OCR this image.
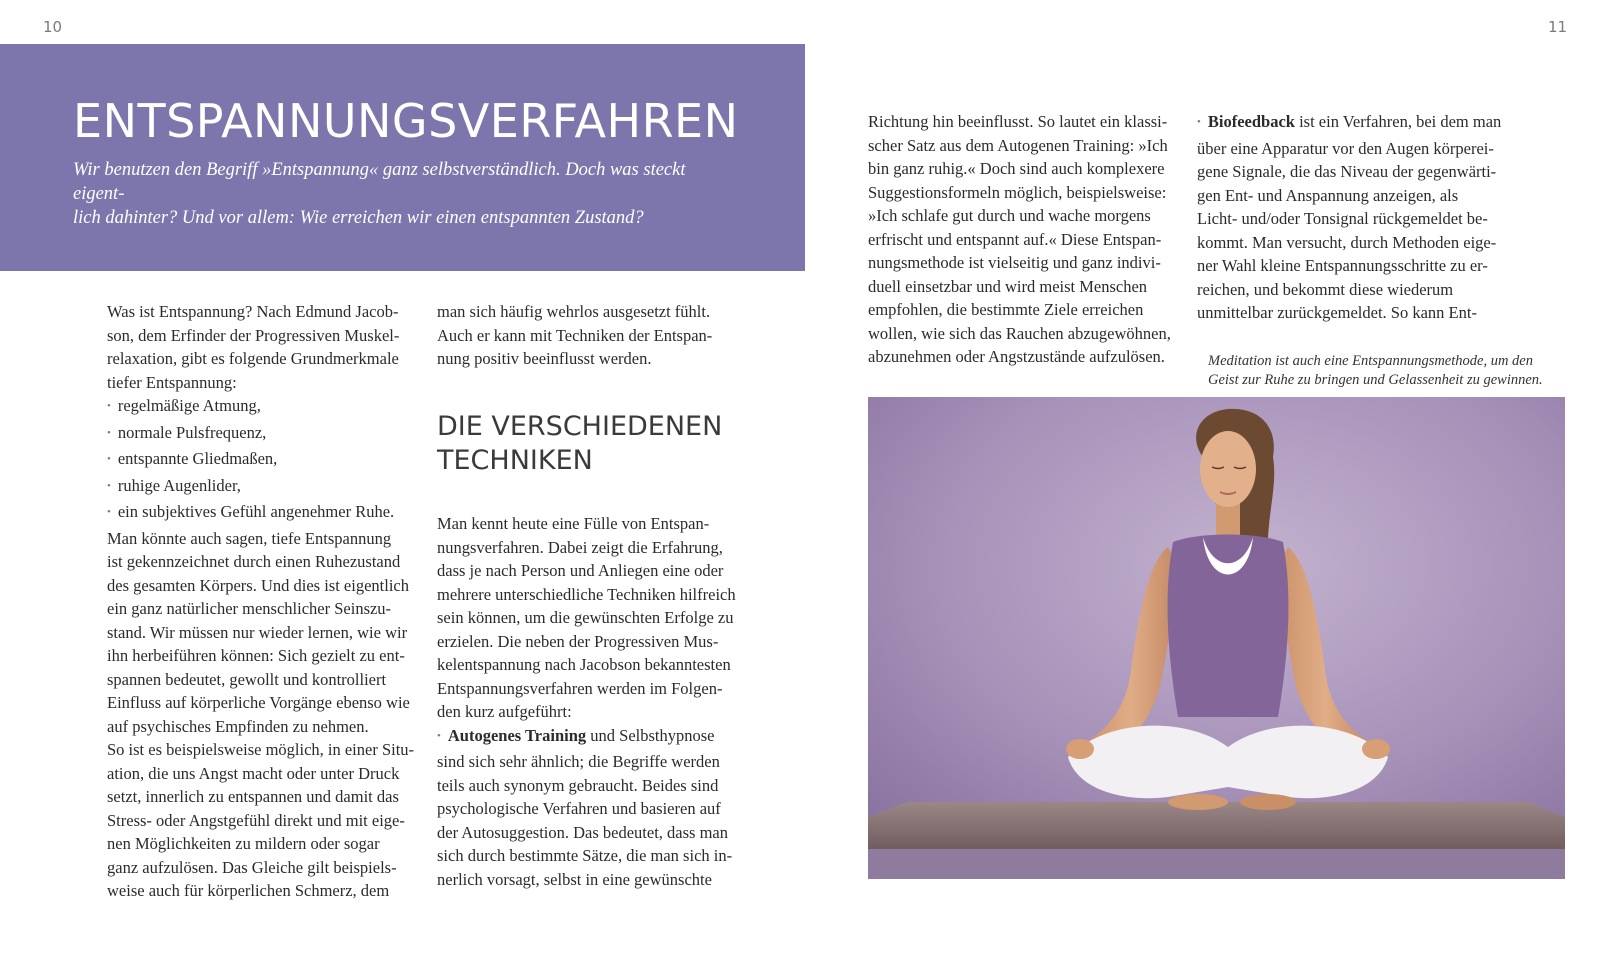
10	11
ENTSPANNUNGSVERFAHREN

Wir benutzen den Begriff »Entspannung« ganz selbstverständlich. Doch was steckt eigent-
lich dahinter? Und vor allem: Wie erreichen wir einen entspannten Zustand?

Was ist Entspannung? Nach Edmund Jacob-
son, dem Erfinder der Progressiven Muskel-
relaxation, gibt es folgende Grundmerkmale
tiefer Entspannung:

• regelmäßige Atmung,
• normale Pulsfrequenz,
• entspannte Gliedmaßen,
• ruhige Augenlider,
• ein subjektives Gefühl angenehmer Ruhe.

Man könnte auch sagen, tiefe Entspannung
ist gekennzeichnet durch einen Ruhezustand
des gesamten Körpers. Und dies ist eigentlich
ein ganz natürlicher menschlicher Seinszu-
stand. Wir müssen nur wieder lernen, wie wir
ihn herbeiführen können: Sich gezielt zu ent-
spannen bedeutet, gewollt und kontrolliert
Einfluss auf körperliche Vorgänge ebenso wie
auf psychisches Empfinden zu nehmen.

So ist es beispielsweise möglich, in einer Situ-
ation, die uns Angst macht oder unter Druck
setzt, innerlich zu entspannen und damit das
Stress- oder Angstgefühl direkt und mit eige-
nen Möglichkeiten zu mildern oder sogar
ganz aufzulösen. Das Gleiche gilt beispiels-
weise auch für körperlichen Schmerz, dem

man sich häufig wehrlos ausgesetzt fühlt.
Auch er kann mit Techniken der Entspan-
nung positiv beeinflusst werden.

DIE VERSCHIEDENEN
TECHNIKEN

Man kennt heute eine Fülle von Entspan-
nungsverfahren. Dabei zeigt die Erfahrung,
dass je nach Person und Anliegen eine oder
mehrere unterschiedliche Techniken hilfreich
sein können, um die gewünschten Erfolge zu
erzielen. Die neben der Progressiven Mus-
kelentspannung nach Jacobson bekanntesten
Entspannungsverfahren werden im Folgen-
den kurz aufgeführt:

• Autogenes Training und Selbsthypnose
sind sich sehr ähnlich; die Begriffe werden
teils auch synonym gebraucht. Beides sind
psychologische Verfahren und basieren auf
der Autosuggestion. Das bedeutet, dass man
sich durch bestimmte Sätze, die man sich in-
nerlich vorsagt, selbst in eine gewünschte

Richtung hin beeinflusst. So lautet ein klassi-
scher Satz aus dem Autogenen Training: »Ich
bin ganz ruhig.« Doch sind auch komplexere
Suggestionsformeln möglich, beispielsweise:
»Ich schlafe gut durch und wache morgens
erfrischt und entspannt auf.« Diese Entspan-
nungsmethode ist vielseitig und ganz indivi-
duell einsetzbar und wird meist Menschen
empfohlen, die bestimmte Ziele erreichen
wollen, wie sich das Rauchen abzugewöhnen,
abzunehmen oder Angstzustände aufzulösen.

• Biofeedback ist ein Verfahren, bei dem man
über eine Apparatur vor den Augen körperei-
gene Signale, die das Niveau der gegenwärti-
gen Ent- und Anspannung anzeigen, als
Licht- und/oder Tonsignal rückgemeldet be-
kommt. Man versucht, durch Methoden eige-
ner Wahl kleine Entspannungsschritte zu er-
reichen, und bekommt diese wiederum
unmittelbar zurückgemeldet. So kann Ent-

Meditation ist auch eine Entspannungsmethode, um den
Geist zur Ruhe zu bringen und Gelassenheit zu gewinnen.
